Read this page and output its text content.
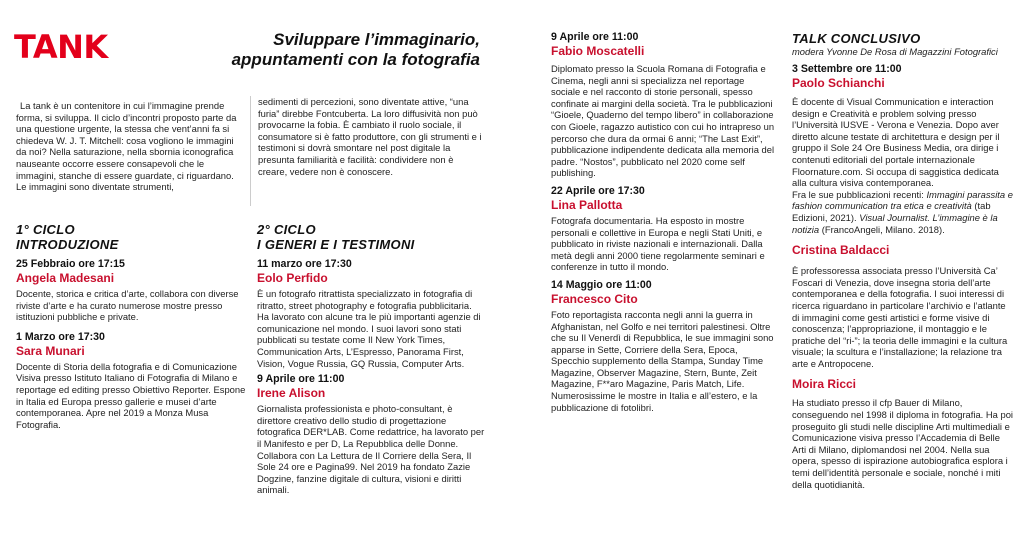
TANK	Sviluppare l’immaginario,
appuntamenti con la fotografia

La tank è un contenitore in cui l’immagine prende forma, si sviluppa. Il ciclo d’incontri proposto parte da una questione urgente, la stessa che vent’anni fa si chiedeva W. J. T. Mitchell: cosa vogliono le immagini da noi? Nella saturazione, nella sbornia iconografica nauseante occorre essere consapevoli che le immagini, stanche di essere guardate, ci riguardano. Le immagini sono diventate strumenti,

sedimenti di percezioni, sono diventate attive, “una furia” direbbe Fontcuberta. La loro diffusività non può provocarne la fobia. È cambiato il ruolo sociale, il consumatore si è fatto produttore, con gli strumenti e i testimoni si dovrà smontare nel post digitale la presunta familiarità e facilità: condividere non è creare, vedere non è conoscere.

1° CICLO
INTRODUZIONE

25 Febbraio ore 17:15

Angela Madesani

Docente, storica e critica d’arte, collabora con diverse riviste d’arte e ha curato numerose mostre presso istituzioni pubbliche e private.

1 Marzo ore 17:30

Sara Munari

Docente di Storia della fotografia e di Comunicazione Visiva presso Istituto Italiano di Fotografia di Milano e reportage ed editing presso Obiettivo Reporter. Espone in Italia ed Europa presso gallerie e musei d’arte contemporanea. Apre nel 2019 a Monza Musa Fotografia.

2° CICLO
I GENERI E I TESTIMONI

11 marzo ore 17:30

Eolo Perfido

È un fotografo ritrattista specializzato in fotografia di ritratto, street photography e fotografia pubblicitaria. Ha lavorato con alcune tra le più importanti agenzie di comunicazione nel mondo. I suoi lavori sono stati pubblicati su testate come Il New York Times, Communication Arts, L’Espresso, Panorama First, Vision, Vogue Russia, GQ Russia, Computer Arts.

9 Aprile ore 11:00

Irene Alison

Giornalista professionista e photo-consultant, è direttore creativo dello studio di progettazione fotografica DER*LAB. Come redattrice, ha lavorato per il Manifesto e per D, La Repubblica delle Donne. Collabora con La Lettura de Il Corriere della Sera, Il Sole 24 ore e Pagina99. Nel 2019 ha fondato Zazie Dogzine, fanzine digitale di cultura, visioni e diritti animali.

9 Aprile ore 11:00

Fabio Moscatelli

Diplomato presso la Scuola Romana di Fotografia e Cinema, negli anni si specializza nel reportage sociale e nel racconto di storie personali, spesso confinate ai margini della società. Tra le pubblicazioni “Gioele, Quaderno del tempo libero” in collaborazione con Gioele, ragazzo autistico con cui ho intrapreso un percorso che dura da ormai 6 anni; “The Last Exit”, pubblicazione indipendente dedicata alla memoria del padre. “Nostos”, pubblicato nel 2020 come self publishing.

22 Aprile ore 17:30

Lina Pallotta

Fotografa documentaria. Ha esposto in mostre personali e collettive in Europa e negli Stati Uniti, e pubblicato in riviste nazionali e internazionali. Dalla metà degli anni 2000 tiene regolarmente seminari e conferenze in tutto il mondo.

14 Maggio ore 11:00

Francesco Cito

Foto reportagista racconta negli anni la guerra in Afghanistan, nel Golfo e nei territori palestinesi. Oltre che su Il Venerdì di Repubblica, le sue immagini sono apparse in Sette, Corriere della Sera, Epoca, Specchio supplemento della Stampa, Sunday Time Magazine, Observer Magazine, Stern, Bunte, Zeit Magazine, F**aro Magazine, Paris Match, Life. Numerosissime le mostre in Italia e all’estero, e la pubblicazione di fotolibri.

TALK CONCLUSIVO
modera Yvonne De Rosa di Magazzini Fotografici

3 Settembre ore 11:00

Paolo Schianchi

È docente di Visual Communication e interaction design e Creatività e problem solving presso l’Università IUSVE - Verona e Venezia. Dopo aver diretto alcune testate di architettura e design per il gruppo il Sole 24 Ore Business Media, ora dirige i contenuti editoriali del portale internazionale Floornature.com. Si occupa di saggistica dedicata alla cultura visiva contemporanea.
Fra le sue pubblicazioni recenti: Immagini parassita e fashion communication tra etica e creatività (tab Edizioni, 2021). Visual Journalist. L’immagine è la notizia (FrancoAngeli, Milano. 2018).

Cristina Baldacci

È professoressa associata presso l’Università Ca’ Foscari di Venezia, dove insegna storia dell’arte contemporanea e della fotografia. I suoi interessi di ricerca riguardano in particolare l’archivio e l’atlante di immagini come gesti artistici e forme visive di conoscenza; l’appropriazione, il montaggio e le pratiche del “ri-”; la teoria delle immagini e la cultura visuale; la scultura e l’installazione; la relazione tra arte e Antropocene.

Moira Ricci

Ha studiato presso il cfp Bauer di Milano, conseguendo nel 1998 il diploma in fotografia. Ha poi proseguito gli studi nelle discipline Arti multimediali e Comunicazione visiva presso l’Accademia di Belle Arti di Milano, diplomandosi nel 2004. Nella sua opera, spesso di ispirazione autobiografica esplora i temi dell’identità personale e sociale, nonché i miti della quotidianità.
